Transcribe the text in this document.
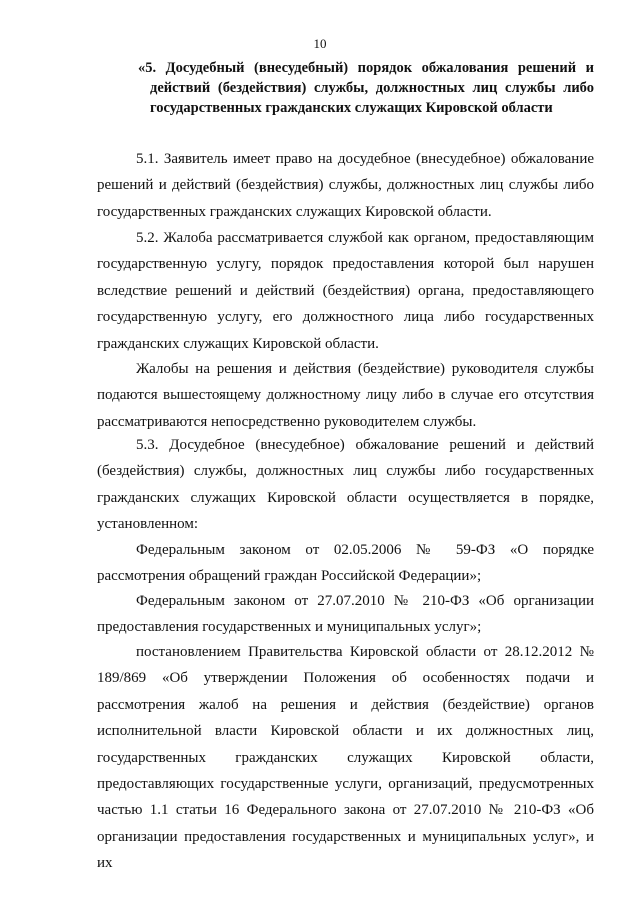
10

«5. Досудебный (внесудебный) порядок обжалования решений и действий (бездействия) службы, должностных лиц службы либо государственных гражданских служащих Кировской области

5.1. Заявитель имеет право на досудебное (внесудебное) обжалование решений и действий (бездействия) службы, должностных лиц службы либо государственных гражданских служащих Кировской области.

5.2. Жалоба рассматривается службой как органом, предоставляющим государственную услугу, порядок предоставления которой был нарушен вследствие решений и действий (бездействия) органа, предоставляющего государственную услугу, его должностного лица либо государственных гражданских служащих Кировской области.

Жалобы на решения и действия (бездействие) руководителя службы подаются вышестоящему должностному лицу либо в случае его отсутствия рассматриваются непосредственно руководителем службы.

5.3. Досудебное (внесудебное) обжалование решений и действий (бездействия) службы, должностных лиц службы либо государственных гражданских служащих Кировской области осуществляется в порядке, установленном:

Федеральным законом от 02.05.2006 № 59-ФЗ «О порядке рассмотрения обращений граждан Российской Федерации»;

Федеральным законом от 27.07.2010 № 210-ФЗ «Об организации предоставления государственных и муниципальных услуг»;

постановлением Правительства Кировской области от 28.12.2012 № 189/869 «Об утверждении Положения об особенностях подачи и рассмотрения жалоб на решения и действия (бездействие) органов исполнительной власти Кировской области и их должностных лиц, государственных гражданских служащих Кировской области, предоставляющих государственные услуги, организаций, предусмотренных частью 1.1 статьи 16 Федерального закона от 27.07.2010 № 210-ФЗ «Об организации предоставления государственных и муниципальных услуг», и их
